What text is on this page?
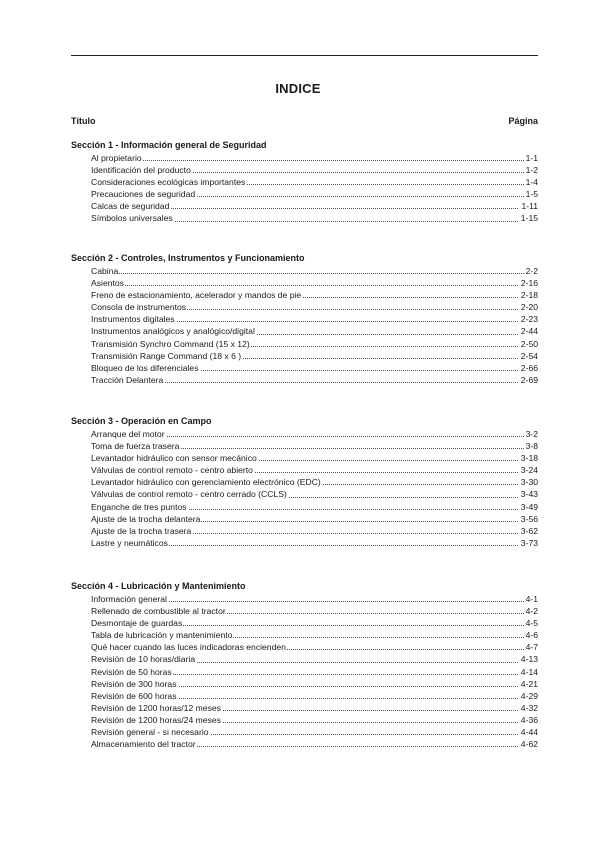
INDICE
Título	Página
Sección 1 - Información general de Seguridad
Al propietario	1-1
Identificación del producto	1-2
Consideraciones ecológicas importantes	1-4
Precauciones de seguridad	1-5
Calcas de seguridad	1-11
Símbolos universales	1-15
Sección 2 - Controles, Instrumentos y Funcionamiento
Cabina	2-2
Asientos	2-16
Freno de estacionamiento, acelerador y mandos de pie	2-18
Consola de instrumentos	2-20
Instrumentos digitales	2-23
Instrumentos analógicos y analógico/digital	2-44
Transmisión Synchro Command (15 x 12)	2-50
Transmisión Range Command (18 x 6 )	2-54
Bloqueo de los diferenciales	2-66
Tracción Delantera	2-69
Sección 3 - Operación en Campo
Arranque del motor	3-2
Toma de fuerza trasera	3-8
Levantador hidráulico con sensor mecánico	3-18
Válvulas de control remoto - centro abierto	3-24
Levantador hidráulico con gerenciamiento electrónico (EDC)	3-30
Válvulas de control remoto - centro cerrado (CCLS)	3-43
Enganche de tres puntos	3-49
Ajuste de la trocha delantera	3-56
Ajuste de la trocha trasera	3-62
Lastre y neumáticos	3-73
Sección 4 - Lubricación y Mantenimiento
Información general	4-1
Rellenado de combustible al tractor	4-2
Desmontaje de guardas	4-5
Tabla de lubricación y mantenimiento	4-6
Qué hacer cuando las luces indicadoras encienden	4-7
Revisión de 10 horas/diaria	4-13
Revisión de 50 horas	4-14
Revisión de 300 horas	4-21
Revisión de 600 horas	4-29
Revisión de 1200 horas/12 meses	4-32
Revisión de 1200 horas/24 meses	4-36
Revisión general - si necesario	4-44
Almacenamiento del tractor	4-62
